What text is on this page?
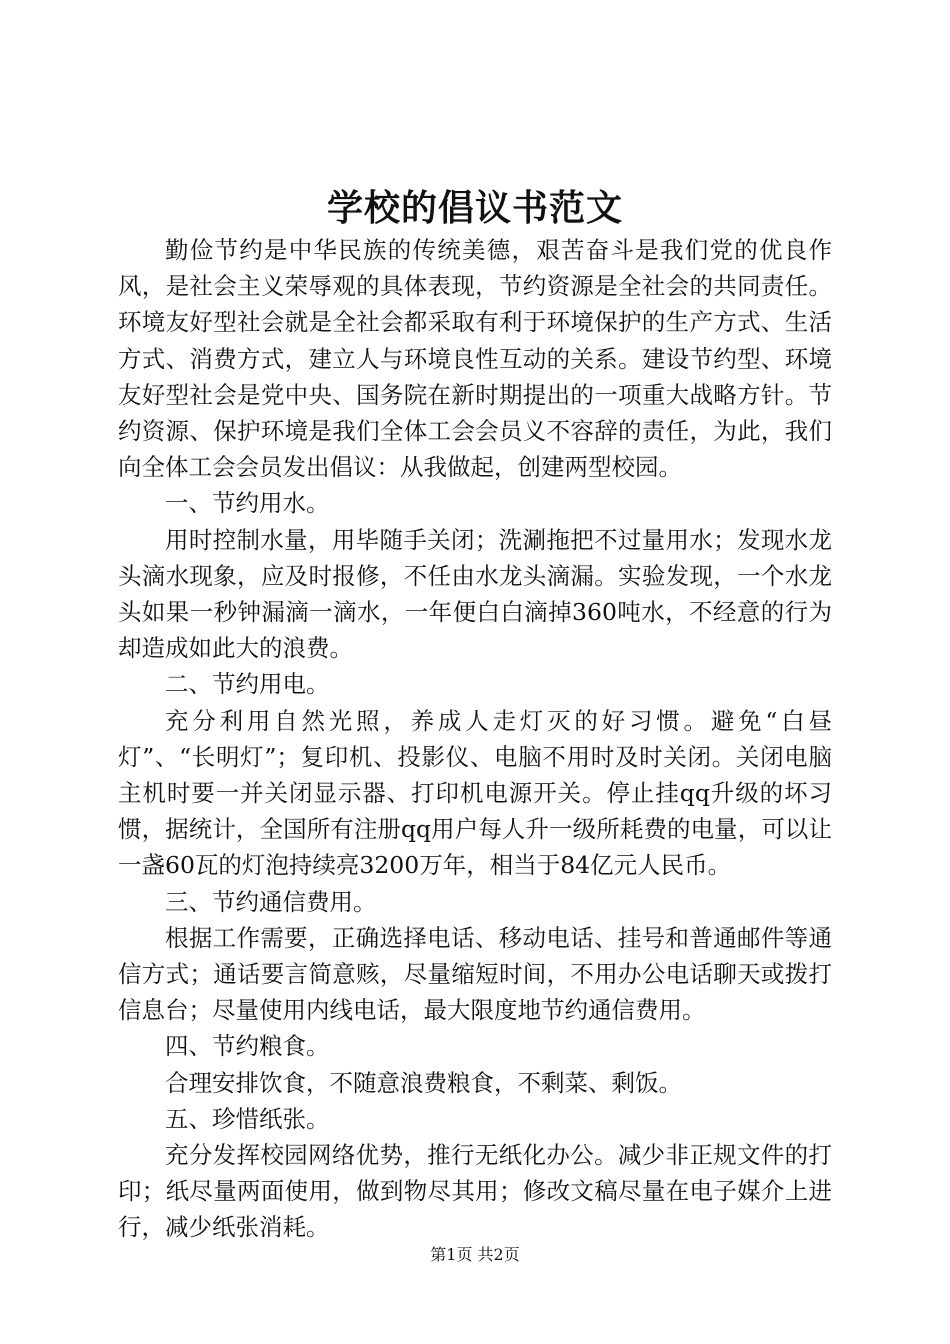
学校的倡议书范文

勤俭节约是中华民族的传统美德，艰苦奋斗是我们党的优良作风，是社会主义荣辱观的具体表现，节约资源是全社会的共同责任。环境友好型社会就是全社会都采取有利于环境保护的生产方式、生活方式、消费方式，建立人与环境良性互动的关系。建设节约型、环境友好型社会是党中央、国务院在新时期提出的一项重大战略方针。节约资源、保护环境是我们全体工会会员义不容辞的责任，为此，我们向全体工会会员发出倡议：从我做起，创建两型校园。

一、节约用水。

用时控制水量，用毕随手关闭；洗涮拖把不过量用水；发现水龙头滴水现象，应及时报修，不任由水龙头滴漏。实验发现，一个水龙头如果一秒钟漏滴一滴水，一年便白白滴掉360吨水，不经意的行为却造成如此大的浪费。

二、节约用电。

充分利用自然光照，养成人走灯灭的好习惯。避免“白昼灯”、“长明灯”；复印机、投影仪、电脑不用时及时关闭。关闭电脑主机时要一并关闭显示器、打印机电源开关。停止挂qq升级的坏习惯，据统计，全国所有注册qq用户每人升一级所耗费的电量，可以让一盏60瓦的灯泡持续亮3200万年，相当于84亿元人民币。

三、节约通信费用。

根据工作需要，正确选择电话、移动电话、挂号和普通邮件等通信方式；通话要言简意赅，尽量缩短时间，不用办公电话聊天或拨打信息台；尽量使用内线电话，最大限度地节约通信费用。

四、节约粮食。

合理安排饮食，不随意浪费粮食，不剩菜、剩饭。

五、珍惜纸张。

充分发挥校园网络优势，推行无纸化办公。减少非正规文件的打印；纸尽量两面使用，做到物尽其用；修改文稿尽量在电子媒介上进行，减少纸张消耗。

第1页 共2页
